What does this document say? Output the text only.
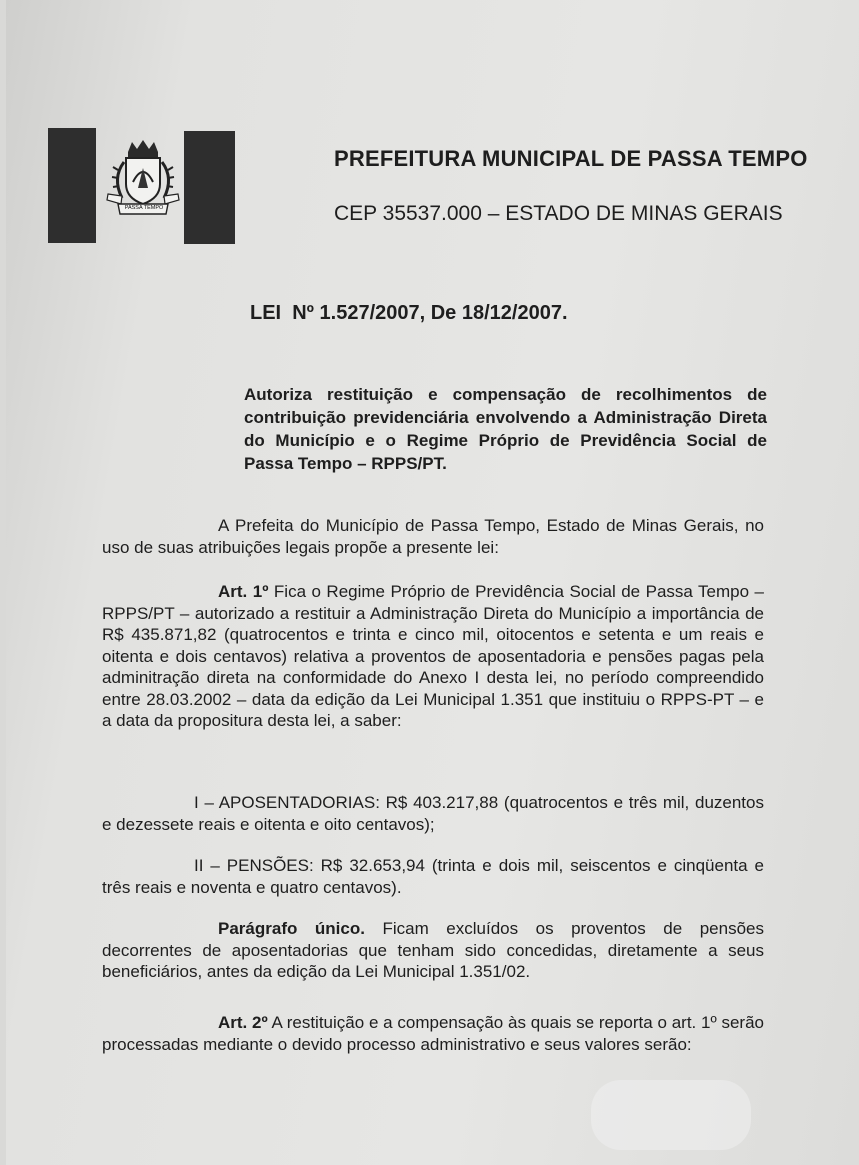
PASSA TEMPO
PREFEITURA MUNICIPAL DE PASSA TEMPO
CEP 35537.000 – ESTADO DE MINAS GERAIS
LEI  Nº 1.527/2007, De 18/12/2007.
Autoriza restituição e compensação de recolhimentos de contribuição previdenciária envolvendo a Administração Direta do Município e o Regime Próprio de Previdência Social de Passa Tempo – RPPS/PT.
A Prefeita do Município de Passa Tempo, Estado de Minas Gerais, no uso de suas atribuições legais propõe a presente lei:
Art. 1º Fica o Regime Próprio de Previdência Social de Passa Tempo – RPPS/PT – autorizado a restituir a Administração Direta do Município a importância de R$ 435.871,82 (quatrocentos e trinta e cinco mil, oitocentos e setenta e um reais e oitenta e dois centavos) relativa a proventos de aposentadoria e pensões pagas pela adminitração direta na conformidade do Anexo I desta lei, no período compreendido entre 28.03.2002 – data da edição da Lei Municipal 1.351 que instituiu o RPPS-PT – e a data da propositura desta lei, a saber:
I – APOSENTADORIAS: R$ 403.217,88 (quatrocentos e três mil, duzentos e dezessete reais e oitenta e oito centavos);
II – PENSÕES: R$ 32.653,94 (trinta e dois mil, seiscentos e cinqüenta e três reais e noventa e quatro centavos).
Parágrafo único. Ficam excluídos os proventos de pensões decorrentes de aposentadorias que tenham sido concedidas, diretamente a seus beneficiários, antes da edição da Lei Municipal 1.351/02.
Art. 2º A restituição e a compensação às quais se reporta o art. 1º serão processadas mediante o devido processo administrativo e seus valores serão:
